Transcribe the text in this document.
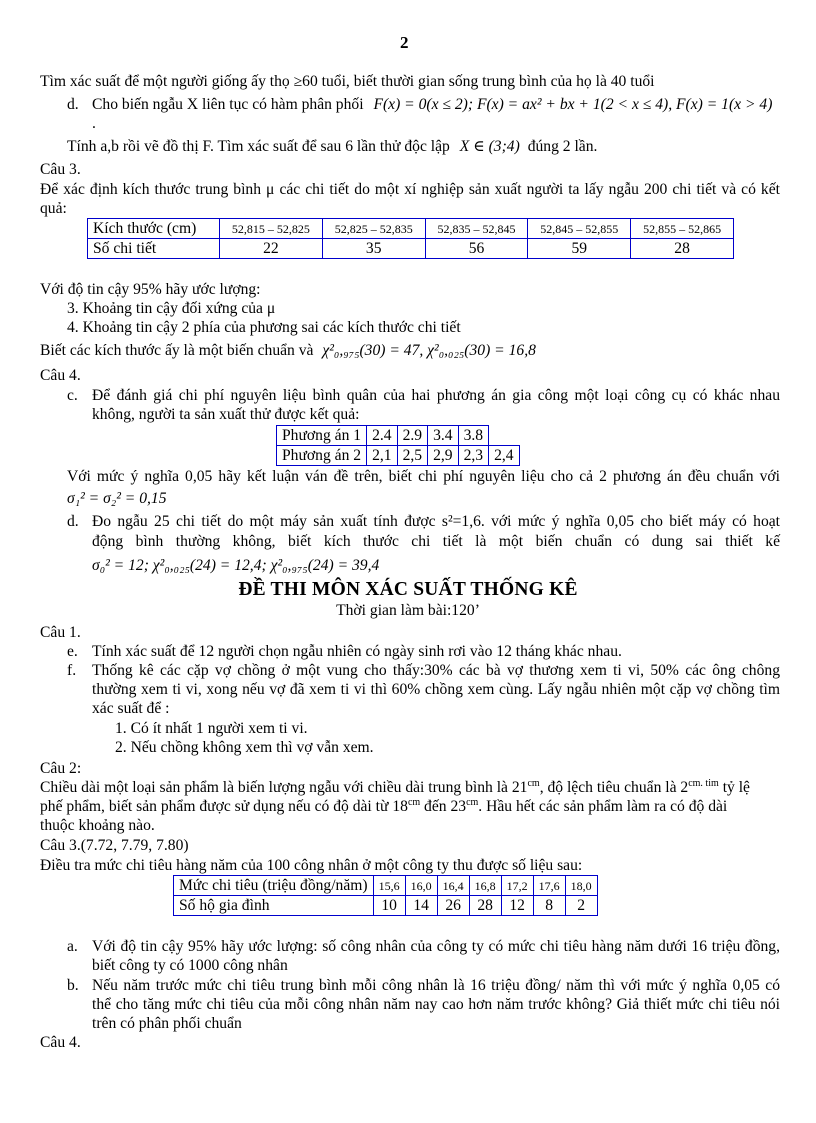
2
Tìm xác suất để một người giống ấy thọ ≥60 tuổi, biết thười gian sống trung bình của họ là 40 tuổi
d. Cho biến ngẫu X liên tục có hàm phân phối F(x) = 0(x ≤ 2); F(x) = ax² + bx + 1(2 < x ≤ 4), F(x) = 1(x > 4)
.
Tính a,b rồi vẽ đồ thị F. Tìm xác suất để sau 6 lần thử độc lập X ∈ (3;4) đúng 2 lần.
Câu 3.
Để xác định kích thước trung bình μ các chi tiết do một xí nghiệp sản xuất người ta lấy ngẫu 200 chi tiết và có kết
quả:
Kích thước (cm)	52,815 – 52,825	52,825 – 52,835	52,835 – 52,845	52,845 – 52,855	52,855 – 52,865
Số chi tiết	22	35	56	59	28
Với độ tin cậy 95% hãy ước lượng:
3. Khoảng tin cậy đối xứng của μ
4. Khoảng tin cậy 2 phía của phương sai các kích thước chi tiết
Biết các kích thước ấy là một biến chuẩn và χ²₀,₉₇₅(30) = 47, χ²₀,₀₂₅(30) = 16,8
Câu 4.
c. Để đánh giá chi phí nguyên liệu bình quân của hai phương án gia công một loại công cụ có khác nhau
không, người ta sản xuất thử được kết quả:
Phương án 1	2.4	2.9	3.4	3.8	
Phương án 2	2,1	2,5	2,9	2,3	2,4
Với mức ý nghĩa 0,05 hãy kết luận ván đề trên, biết chi phí nguyên liệu cho cả 2 phương án đều chuẩn với
σ₁² = σ₂² = 0,15
d. Đo ngẫu 25 chi tiết do một máy sản xuất tính được s²=1,6. với mức ý nghĩa 0,05 cho biết máy có hoạt
động bình thường không, biết kích thước chi tiết là một biến chuẩn có dung sai thiết kế
σ₀² = 12; χ²₀,₀₂₅(24) = 12,4; χ²₀,₉₇₅(24) = 39,4
ĐỀ THI MÔN XÁC SUẤT THỐNG KÊ
Thời gian làm bài:120’
Câu 1.
e. Tính xác suất để 12 người chọn ngẫu nhiên có ngày sinh rơi vào 12 tháng khác nhau.
f. Thống kê các cặp vợ chồng ở một vung cho thấy:30% các bà vợ thương xem ti vi, 50% các ông chông
thường xem ti vi, xong nếu vợ đã xem ti vi thì 60% chồng xem cùng. Lấy ngẫu nhiên một cặp vợ chồng tìm
xác suất để :
1. Có ít nhất 1 người xem ti vi.
2. Nếu chồng không xem thì vợ vẫn xem.
Câu 2:
Chiều dài một loại sản phẩm là biến lượng ngẫu với chiều dài trung bình là $21^{cm}$, độ lệch tiêu chuẩn là $2^{cm. tim}$ tỷ lệ
phế phẩm, biết sản phẩm được sử dụng nếu có độ dài từ $18^{cm}$ đến $23^{cm}$. Hầu hết các sản phẩm làm ra có độ dài
thuộc khoảng nào.
Câu 3.(7.72, 7.79, 7.80)
Điều tra mức chi tiêu hàng năm của 100 công nhân ở một công ty thu được số liệu sau:
Mức chi tiêu (triệu đồng/năm)	15,6	16,0	16,4	16,8	17,2	17,6	18,0
Số hộ gia đình	10	14	26	28	12	8	2
a. Với độ tin cậy 95% hãy ước lượng: số công nhân của công ty có mức chi tiêu hàng năm dưới 16 triệu đồng,
biết công ty có 1000 công nhân
b. Nếu năm trước mức chi tiêu trung bình mỗi công nhân là 16 triệu đồng/ năm thì với mức ý nghĩa 0,05 có
thể cho tăng mức chi tiêu của mỗi công nhân năm nay cao hơn năm trước không? Giả thiết mức chi tiêu nói
trên có phân phối chuẩn
Câu 4.
